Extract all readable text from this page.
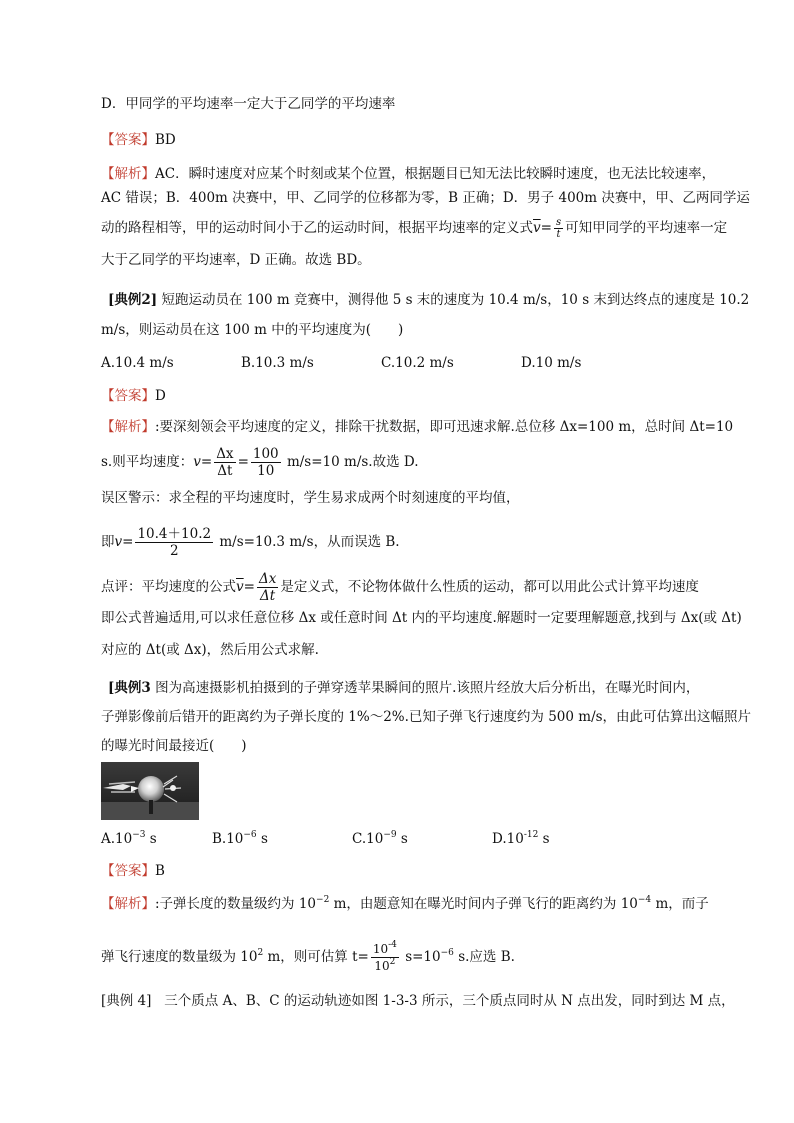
D．甲同学的平均速率一定大于乙同学的平均速率
【答案】BD
【解析】AC．瞬时速度对应某个时刻或某个位置，根据题目已知无法比较瞬时速度，也无法比较速率，
AC 错误；B．400m 决赛中，甲、乙同学的位移都为零，B 正确；D．男子 400m 决赛中，甲、乙两同学运
动的路程相等，甲的运动时间小于乙的运动时间，根据平均速率的定义式$\overline{v}= \frac{s}{t}$ 可知甲同学的平均速率一定
大于乙同学的平均速率，D 正确。故选 BD。
[典例2] 短跑运动员在 100 m 竞赛中，测得他 5 s 末的速度为 10.4 m/s，10 s 末到达终点的速度是 10.2
m/s，则运动员在这 100 m 中的平均速度为(　　)
A.10.4 m/s	B.10.3 m/s	C.10.2 m/s	D.10 m/s
【答案】D
【解析】:要深刻领会平均速度的定义，排除干扰数据，即可迅速求解.总位移 Δx=100 m，总时间 Δt=10
s.则平均速度：$v= \frac{\Delta x}{\Delta t} = \frac{100}{10} m/s=10$ m/s.故选 D.
误区警示：求全程的平均速度时，学生易求成两个时刻速度的平均值，
即$v= \frac{10.4+10.2}{2} m/s=10.3$ m/s，从而误选 B.
点评：平均速度的公式$\overline{v}= \frac{\Delta x}{\Delta t}$ 是定义式，不论物体做什么性质的运动，都可以用此公式计算平均速度
即公式普遍适用,可以求任意位移 Δx 或任意时间 Δt 内的平均速度.解题时一定要理解题意,找到与 Δx(或 Δt)
对应的 Δt(或 Δx)，然后用公式求解.
[典例3 图为高速摄影机拍摄到的子弹穿透苹果瞬间的照片.该照片经放大后分析出，在曝光时间内，
子弹影像前后错开的距离约为子弹长度的 1%～2%.已知子弹飞行速度约为 500 m/s，由此可估算出这幅照片
的曝光时间最接近(　　)
$A.10^{-3}$ s	$B.10^{-6}$ s	$C.10^{-9}$ s	$D.10^{-12}$ s
【答案】B
【解析】:子弹长度的数量级约为 $10^{-2}$ m，由题意知在曝光时间内子弹飞行的距离约为 $10^{-4}$ m，而子
弹飞行速度的数量级为 $10^2$ m，则可估算 $t= \frac{10^{-4}}{10^2} s=10^{-6}$ s.应选 B.
[典例 4] 三个质点 A、B、C 的运动轨迹如图 1-3-3 所示，三个质点同时从 N 点出发，同时到达 M 点，
